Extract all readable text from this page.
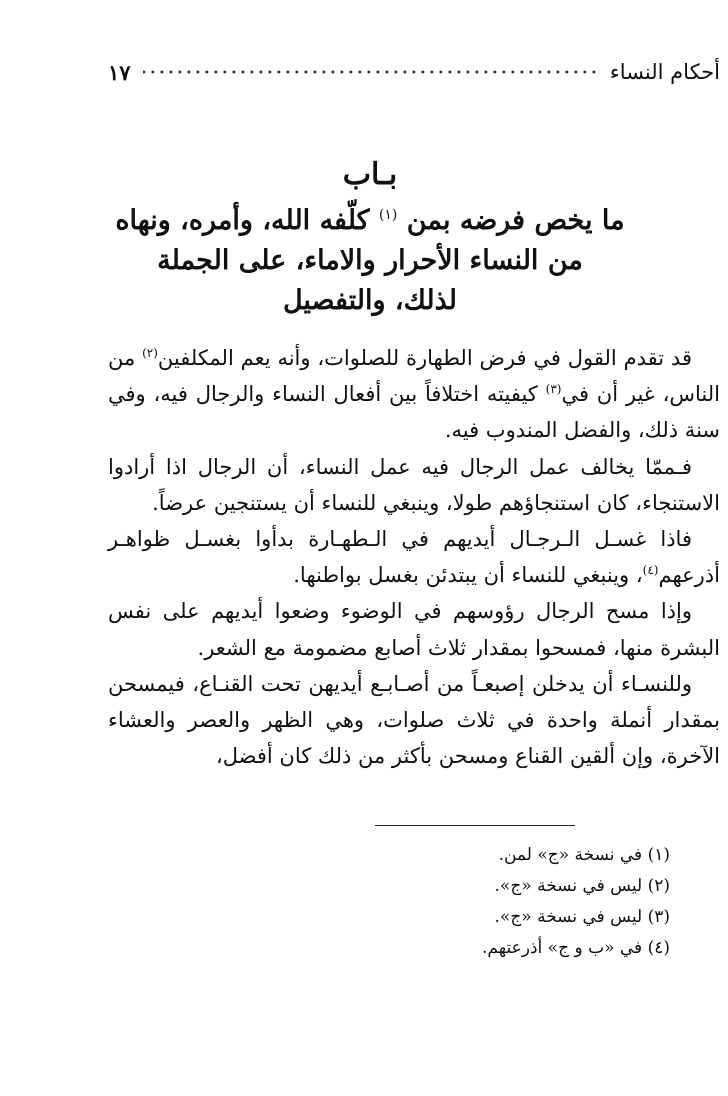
أحكام النساء
١٧
بـاب
ما يخص فرضه بمن $^{(١)}$ كلّفه الله، وأمره، ونهاه
من النساء الأحرار والاماء، على الجملة
لذلك، والتفصيل

قد تقدم القول في فرض الطهارة للصلوات، وأنه يعم المكلفين$^{(٢)}$ من الناس، غير أن في$^{(٣)}$ كيفيته اختلافاً بين أفعال النساء والرجال فيه، وفي سنة ذلك، والفضل المندوب فيه.

فـممّا يخالف عمل الرجال فيه عمل النساء، أن الرجال اذا أرادوا الاستنجاء، كان استنجاؤهم طولا، وينبغي للنساء أن يستنجين عرضاً.

فاذا غسـل الـرجـال أيديهم في الـطهـارة بدأوا بغسـل ظواهـر أذرعهم$^{(٤)}$، وينبغي للنساء أن يبتدئن بغسل بواطنها.

وإذا مسح الرجال رؤوسهم في الوضوء وضعوا أيديهم على نفس البشرة منها، فمسحوا بمقدار ثلاث أصابع مضمومة مع الشعر.

وللنسـاء أن يدخلن إصبعـاً من أصـابـع أيديهن تحت القنـاع، فيمسحن بمقدار أنملة واحدة في ثلاث صلوات، وهي الظهر والعصر والعشاء الآخرة، وإن ألقين القناع ومسحن بأكثر من ذلك كان أفضل،

(١) في نسخة «ج» لمن.

(٢) ليس في نسخة «ج».

(٣) ليس في نسخة «ج».

(٤) في «ب و ج» أذرعتهم.
